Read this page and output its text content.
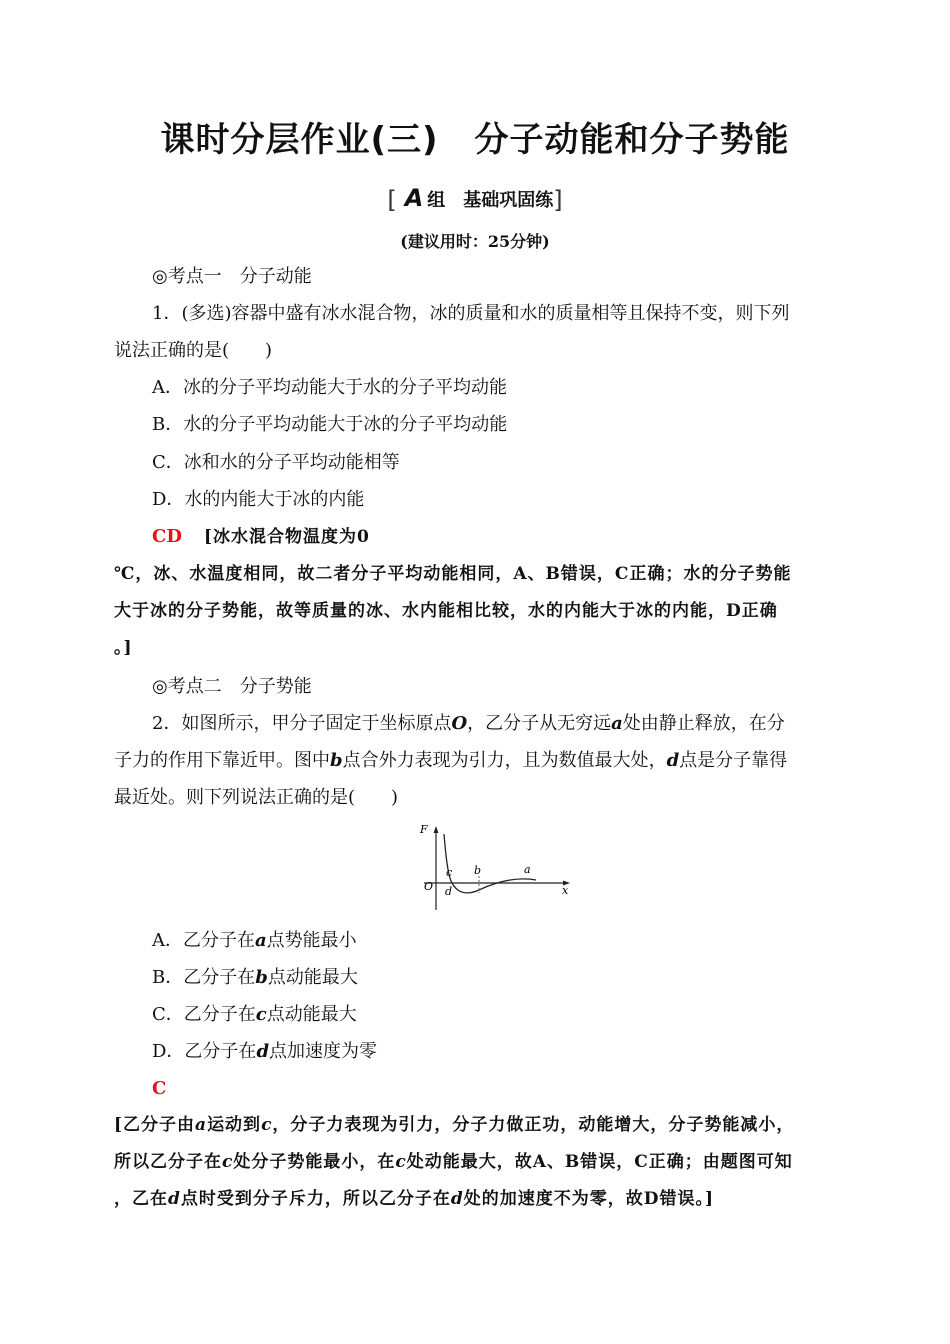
课时分层作业(三) 分子动能和分子势能
[ A 组　基础巩固练]
(建议用时：25分钟)
◎考点一　分子动能
1．(多选)容器中盛有冰水混合物，冰的质量和水的质量相等且保持不变，则下列
说法正确的是(　　)
A．冰的分子平均动能大于水的分子平均动能
B．水的分子平均动能大于冰的分子平均动能
C．冰和水的分子平均动能相等
D．水的内能大于冰的内能
CD [冰水混合物温度为0
℃，冰、水温度相同，故二者分子平均动能相同，A、B错误，C正确；水的分子势能
大于冰的分子势能，故等质量的冰、水内能相比较，水的内能大于冰的内能，D正确
。]
◎考点二　分子势能
2．如图所示，甲分子固定于坐标原点O，乙分子从无穷远a处由静止释放，在分
子力的作用下靠近甲。图中b点合外力表现为引力，且为数值最大处，d点是分子靠得
最近处。则下列说法正确的是(　　)
F
O	x
c b	a
d
A．乙分子在a点势能最小
B．乙分子在b点动能最大
C．乙分子在c点动能最大
D．乙分子在d点加速度为零
C
[乙分子由a运动到c，分子力表现为引力，分子力做正功，动能增大，分子势能减小，
所以乙分子在c处分子势能最小，在c处动能最大，故A、B错误，C正确；由题图可知
，乙在d点时受到分子斥力，所以乙分子在d处的加速度不为零，故D错误。]
